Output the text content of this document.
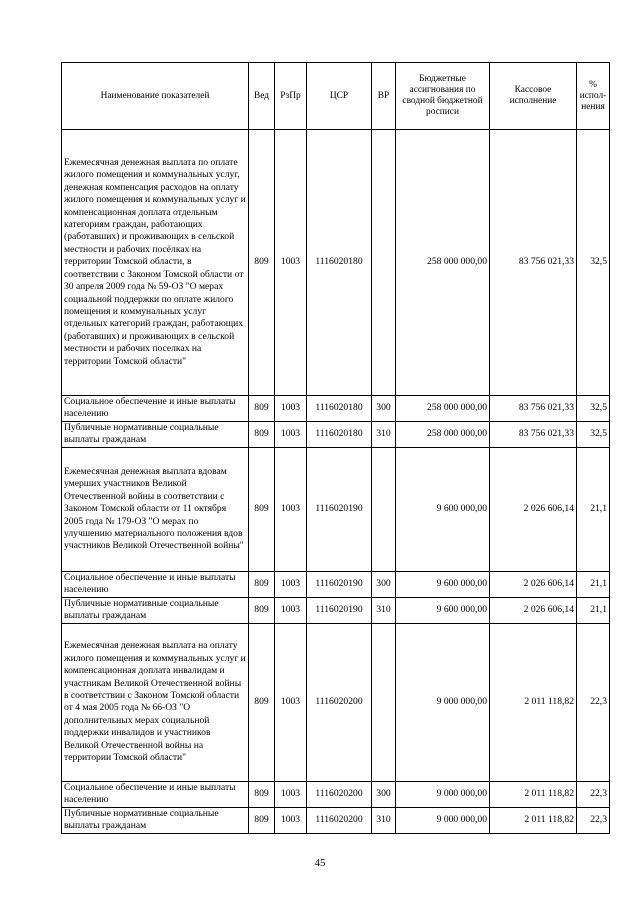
Наименование показателей	Вед	РзПр	ЦСР	ВР	Бюджетные ассигнования по сводной бюджетной росписи	Кассовое исполнение	% испол- нения
Ежемесячная денежная выплата по оплате жилого помещения и коммунальных услуг, денежная компенсация расходов на оплату жилого помещения и коммунальных услуг и компенсационная доплата отдельным категориям граждан, работающих (работавших) и проживающих в сельской местности и рабочих посёлках на территории Томской области, в соответствии с Законом Томской области от 30 апреля 2009 года № 59-ОЗ "О мерах социальной поддержки по оплате жилого помещения и коммунальных услуг отдельных категорий граждан, работающих (работавших) и проживающих в сельской местности и рабочих поселках на территории Томской области"	809	1003	1116020180		258 000 000,00	83 756 021,33	32,5
Социальное обеспечение и иные выплаты населению	809	1003	1116020180	300	258 000 000,00	83 756 021,33	32,5
Публичные нормативные социальные выплаты гражданам	809	1003	1116020180	310	258 000 000,00	83 756 021,33	32,5
Ежемесячная денежная выплата вдовам умерших участников Великой Отечественной войны в соответствии с Законом Томской области от 11 октября 2005 года № 179-ОЗ "О мерах по улучшению материального положения вдов участников Великой Отечественной войны"	809	1003	1116020190		9 600 000,00	2 026 606,14	21,1
Социальное обеспечение и иные выплаты населению	809	1003	1116020190	300	9 600 000,00	2 026 606,14	21,1
Публичные нормативные социальные выплаты гражданам	809	1003	1116020190	310	9 600 000,00	2 026 606,14	21,1
Ежемесячная денежная выплата на оплату жилого помещения и коммунальных услуг и компенсационная доплата инвалидам и участникам Великой Отечественной войны в соответствии с Законом Томской области от 4 мая 2005 года № 66-ОЗ "О дополнительных мерах социальной поддержки инвалидов и участников Великой Отечественной войны на территории Томской области"	809	1003	1116020200		9 000 000,00	2 011 118,82	22,3
Социальное обеспечение и иные выплаты населению	809	1003	1116020200	300	9 000 000,00	2 011 118,82	22,3
Публичные нормативные социальные выплаты гражданам	809	1003	1116020200	310	9 000 000,00	2 011 118,82	22,3
45
